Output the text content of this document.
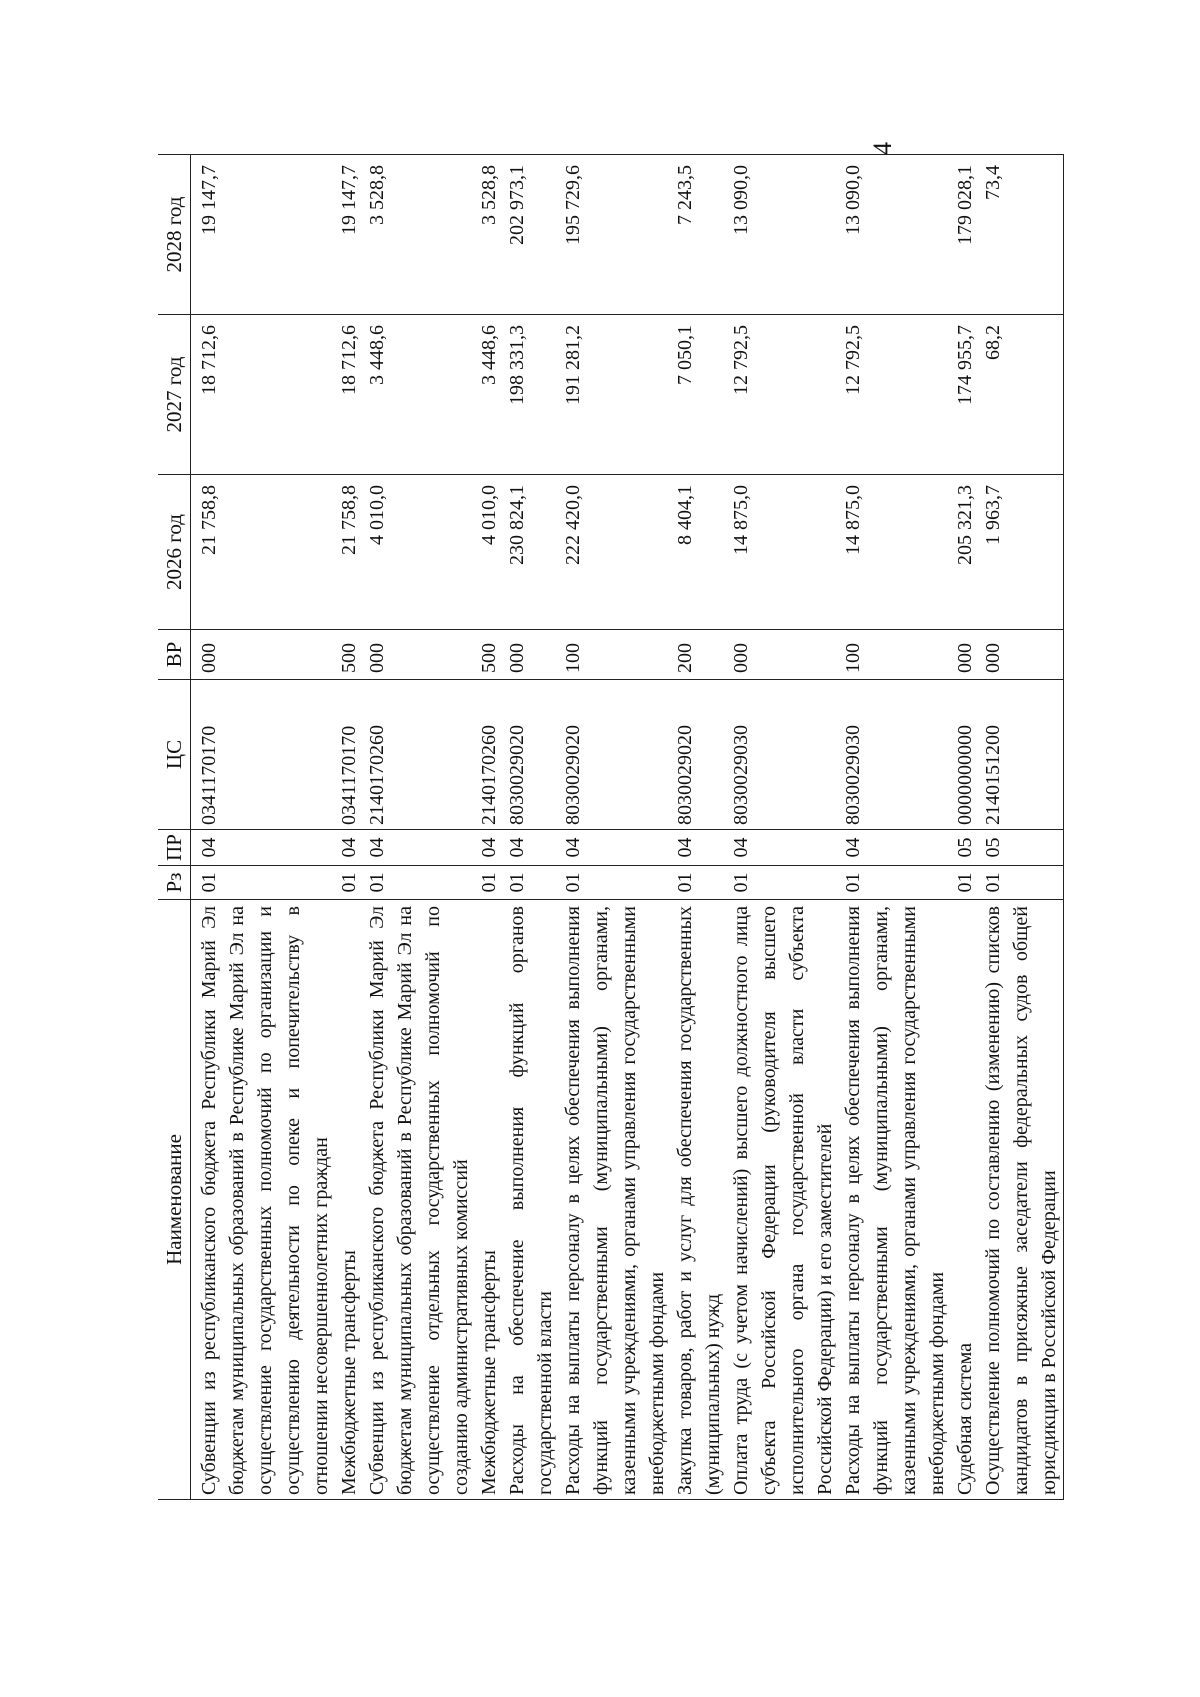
4
Наименование	Рз	ПР	ЦС	ВР	2026 год	2027 год	2028 год

Субвенции из республиканского бюджета Республики Марий Эл бюджетам муниципальных образований в Республике Марий Эл на осуществление государственных полномочий по организации и осуществлению деятельности по опеке и попечительству в отношении несовершеннолетних граждан	01	04	0341170170	000	21 758,8	18 712,6	19 147,7
Межбюджетные трансферты	01	04	0341170170	500	21 758,8	18 712,6	19 147,7
Субвенции из республиканского бюджета Республики Марий Эл бюджетам муниципальных образований в Республике Марий Эл на осуществление отдельных государственных полномочий по созданию административных комиссий	01	04	2140170260	000	4 010,0	3 448,6	3 528,8
Межбюджетные трансферты	01	04	2140170260	500	4 010,0	3 448,6	3 528,8
Расходы на обеспечение выполнения функций органов государственной власти	01	04	8030029020	000	230 824,1	198 331,3	202 973,1
Расходы на выплаты персоналу в целях обеспечения выполнения функций государственными (муниципальными) органами, казенными учреждениями, органами управления государственными внебюджетными фондами	01	04	8030029020	100	222 420,0	191 281,2	195 729,6
Закупка товаров, работ и услуг для обеспечения государственных (муниципальных) нужд	01	04	8030029020	200	8 404,1	7 050,1	7 243,5
Оплата труда (с учетом начислений) высшего должностного лица субъекта Российской Федерации (руководителя высшего исполнительного органа государственной власти субъекта Российской Федерации) и его заместителей	01	04	8030029030	000	14 875,0	12 792,5	13 090,0
Расходы на выплаты персоналу в целях обеспечения выполнения функций государственными (муниципальными) органами, казенными учреждениями, органами управления государственными внебюджетными фондами	01	04	8030029030	100	14 875,0	12 792,5	13 090,0
Судебная система	01	05	0000000000	000	205 321,3	174 955,7	179 028,1
Осуществление полномочий по составлению (изменению) списков кандидатов в присяжные заседатели федеральных судов общей юрисдикции в Российской Федерации	01	05	2140151200	000	1 963,7	68,2	73,4
